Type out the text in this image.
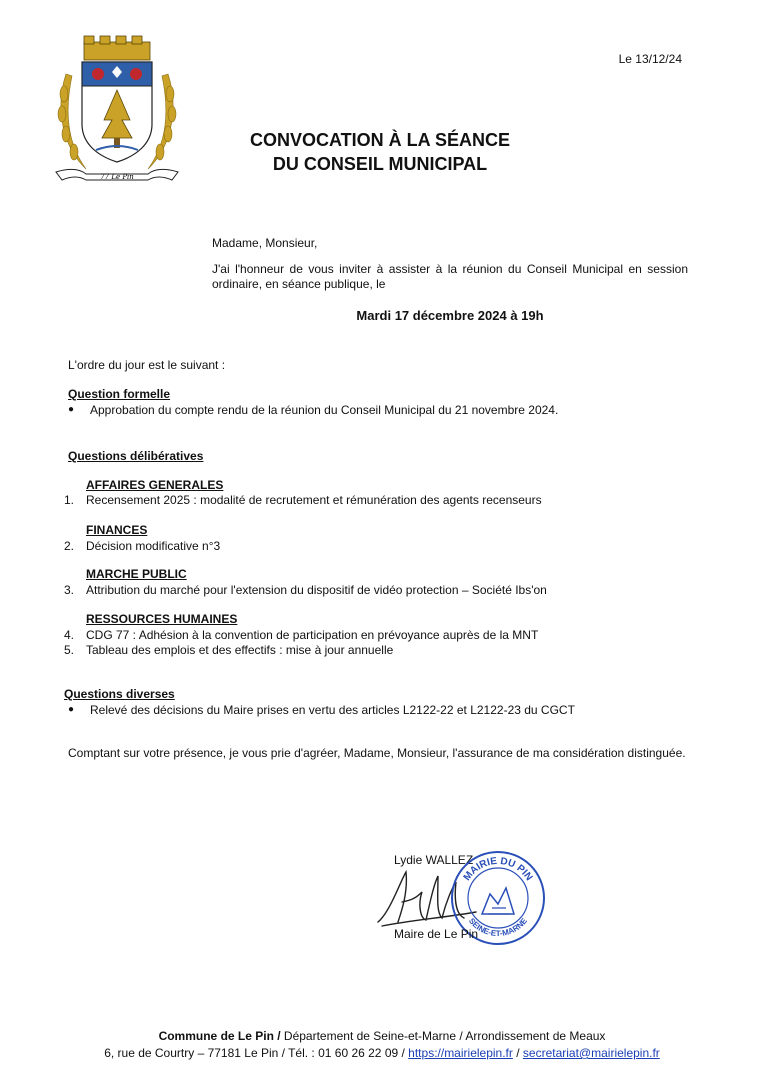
77 Le Pin
Le 13/12/24
CONVOCATION À LA SÉANCE
DU CONSEIL MUNICIPAL
Madame, Monsieur,
J'ai l'honneur de vous inviter à assister à la réunion du Conseil Municipal en session ordinaire, en séance publique, le
Mardi 17 décembre 2024 à 19h
L'ordre du jour est le suivant :
Question formelle
● Approbation du compte rendu de la réunion du Conseil Municipal du 21 novembre 2024.
Questions délibératives
AFFAIRES GENERALES
1. Recensement 2025 : modalité de recrutement et rémunération des agents recenseurs
FINANCES
2. Décision modificative n°3
MARCHE PUBLIC
3. Attribution du marché pour l'extension du dispositif de vidéo protection – Société Ibs'on
RESSOURCES HUMAINES
4. CDG 77 : Adhésion à la convention de participation en prévoyance auprès de la MNT
5. Tableau des emplois et des effectifs : mise à jour annuelle
Questions diverses
● Relevé des décisions du Maire prises en vertu des articles L2122-22 et L2122-23 du CGCT
Comptant sur votre présence, je vous prie d'agréer, Madame, Monsieur, l'assurance de ma considération distinguée.
Lydie WALLEZ
MAIRIE DU PIN
SEINE-ET-MARNE
Maire de Le Pin
Commune de Le Pin / Département de Seine-et-Marne / Arrondissement de Meaux
6, rue de Courtry – 77181 Le Pin / Tél. : 01 60 26 22 09 / https://mairielepin.fr / secretariat@mairielepin.fr
